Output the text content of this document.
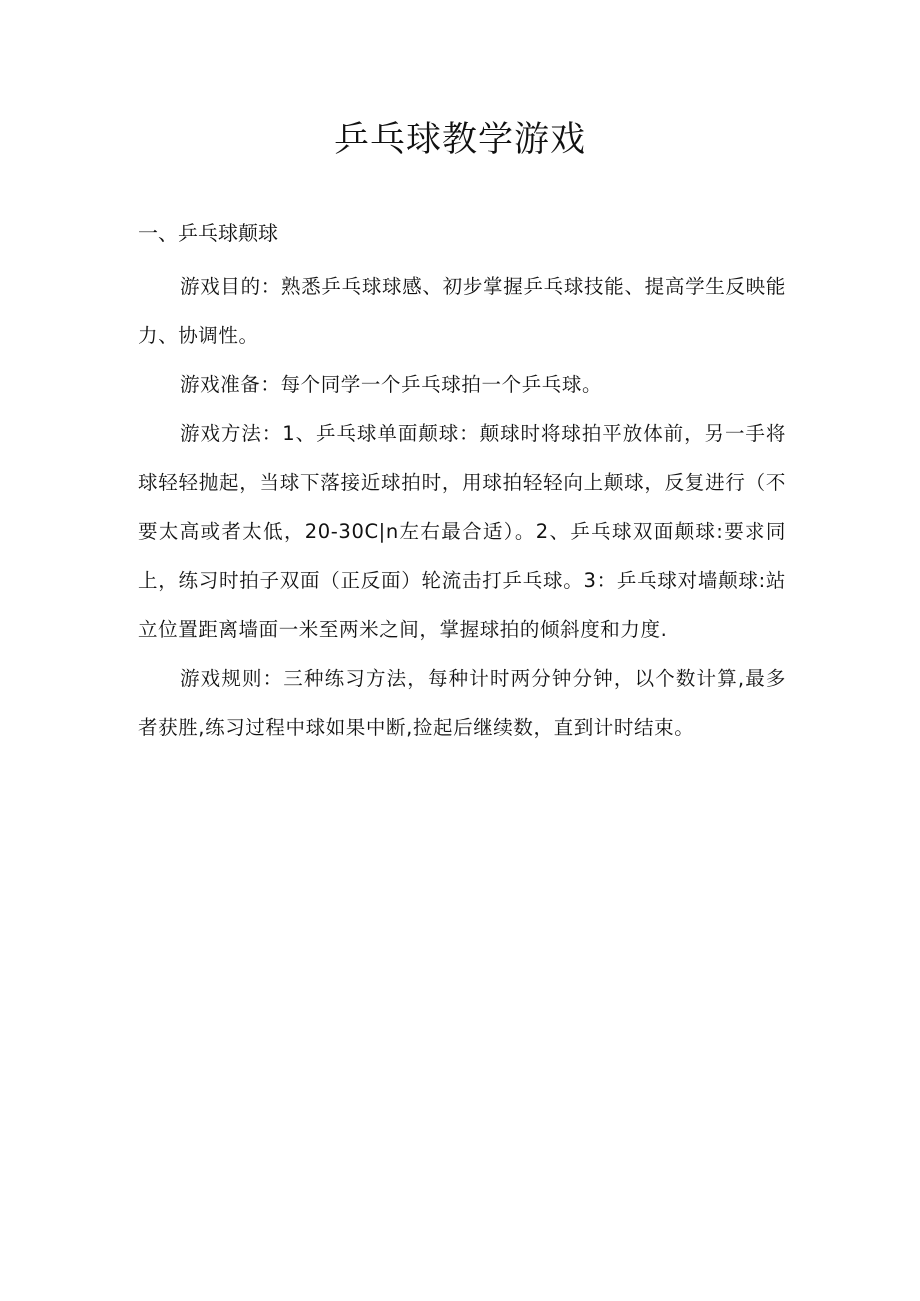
乒乓球教学游戏
一、乒乓球颠球

游戏目的：熟悉乒乓球球感、初步掌握乒乓球技能、提高学生反映能力、协调性。

游戏准备：每个同学一个乒乓球拍一个乒乓球。

游戏方法：1、乒乓球单面颠球：颠球时将球拍平放体前，另一手将球轻轻抛起，当球下落接近球拍时，用球拍轻轻向上颠球，反复进行（不要太高或者太低，20-30C|n左右最合适）。2、乒乓球双面颠球:要求同上，练习时拍子双面（正反面）轮流击打乒乓球。3：乒乓球对墙颠球:站立位置距离墙面一米至两米之间，掌握球拍的倾斜度和力度.

游戏规则：三种练习方法，每种计时两分钟分钟，以个数计算,最多者获胜,练习过程中球如果中断,捡起后继续数，直到计时结束。
